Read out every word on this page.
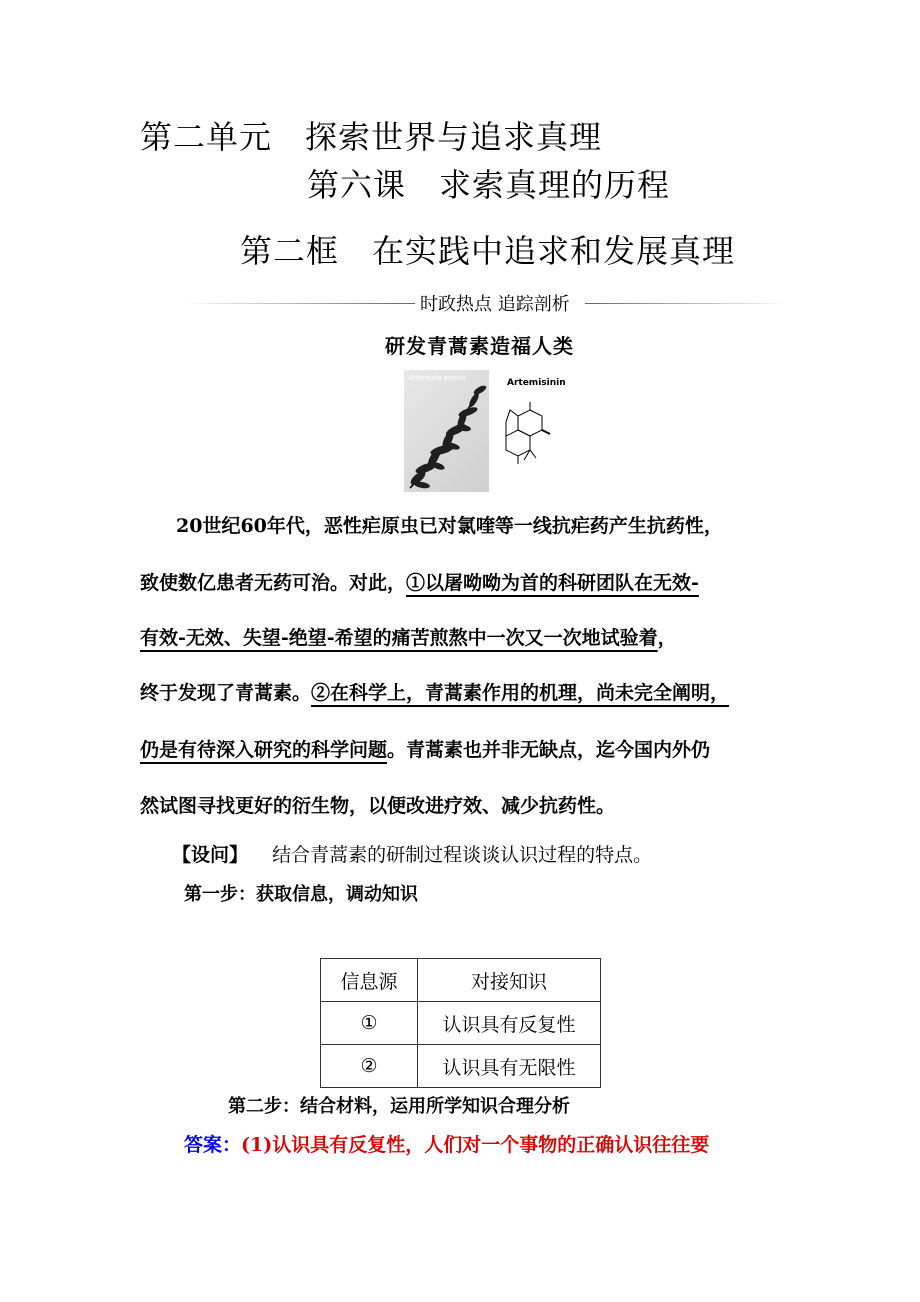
第二单元　探索世界与追求真理
第六课　求索真理的历程
第二框　在实践中追求和发展真理
时政热点 追踪剖析
研发青蒿素造福人类
Artemisia annua	Artemisinin
20世纪60年代，恶性疟原虫已对氯喹等一线抗疟药产生抗药性，
致使数亿患者无药可治。对此，①以屠呦呦为首的科研团队在无效-
有效-无效、失望-绝望-希望的痛苦煎熬中一次又一次地试验着，
终于发现了青蒿素。②在科学上，青蒿素作用的机理，尚未完全阐明，
仍是有待深入研究的科学问题。青蒿素也并非无缺点，迄今国内外仍
然试图寻找更好的衍生物，以便改进疗效、减少抗药性。
【设问】 结合青蒿素的研制过程谈谈认识过程的特点。
第一步：获取信息，调动知识
信息源	对接知识
①	认识具有反复性
②	认识具有无限性
第二步：结合材料，运用所学知识合理分析
答案：(1)认识具有反复性，人们对一个事物的正确认识往往要
